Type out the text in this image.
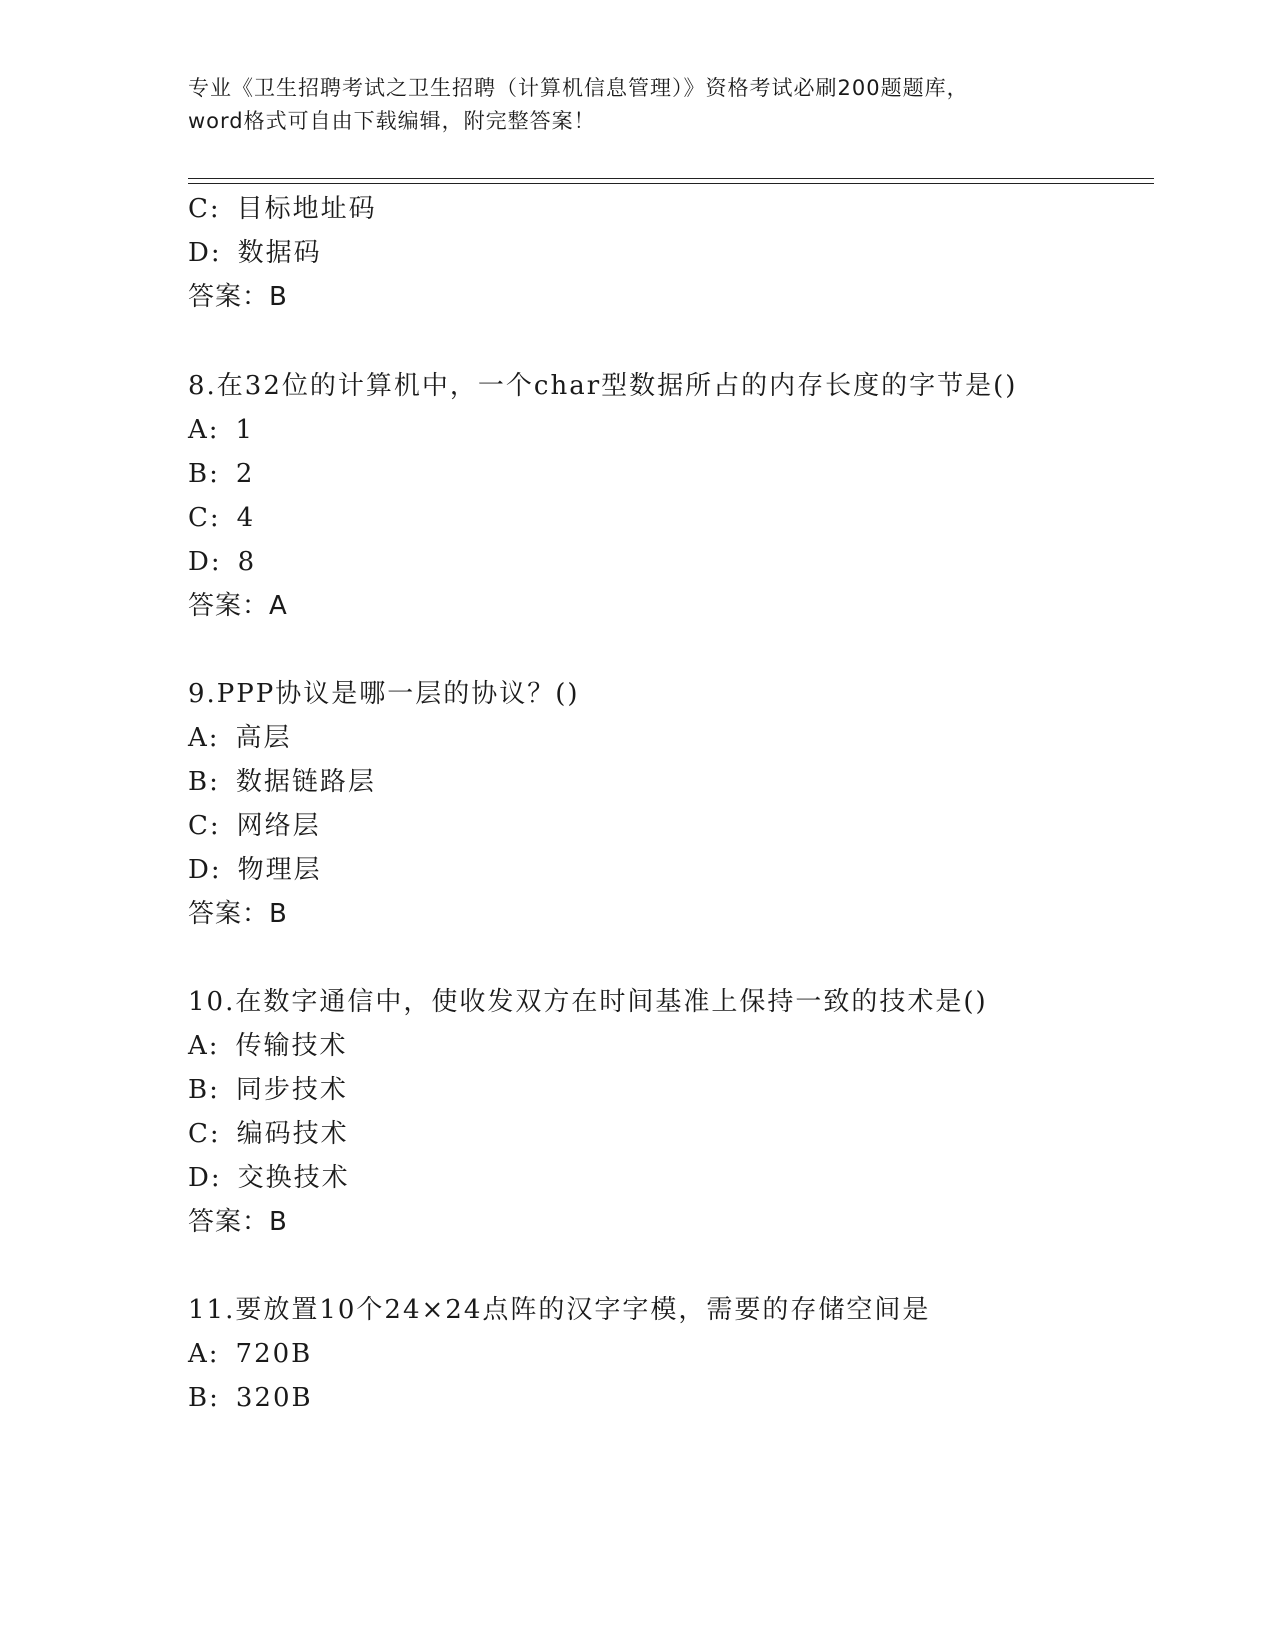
专业《卫生招聘考试之卫生招聘（计算机信息管理）》资格考试必刷200题题库，
word格式可自由下载编辑，附完整答案！
C: 目标地址码
D: 数据码
答案：B
8.在32位的计算机中，一个char型数据所占的内存长度的字节是()
A: 1
B: 2
C: 4
D: 8
答案：A
9.PPP协议是哪一层的协议？()
A: 高层
B: 数据链路层
C: 网络层
D: 物理层
答案：B
10.在数字通信中，使收发双方在时间基准上保持一致的技术是()
A: 传输技术
B: 同步技术
C: 编码技术
D: 交换技术
答案：B
11.要放置10个24×24点阵的汉字字模，需要的存储空间是
A: 720B
B: 320B
